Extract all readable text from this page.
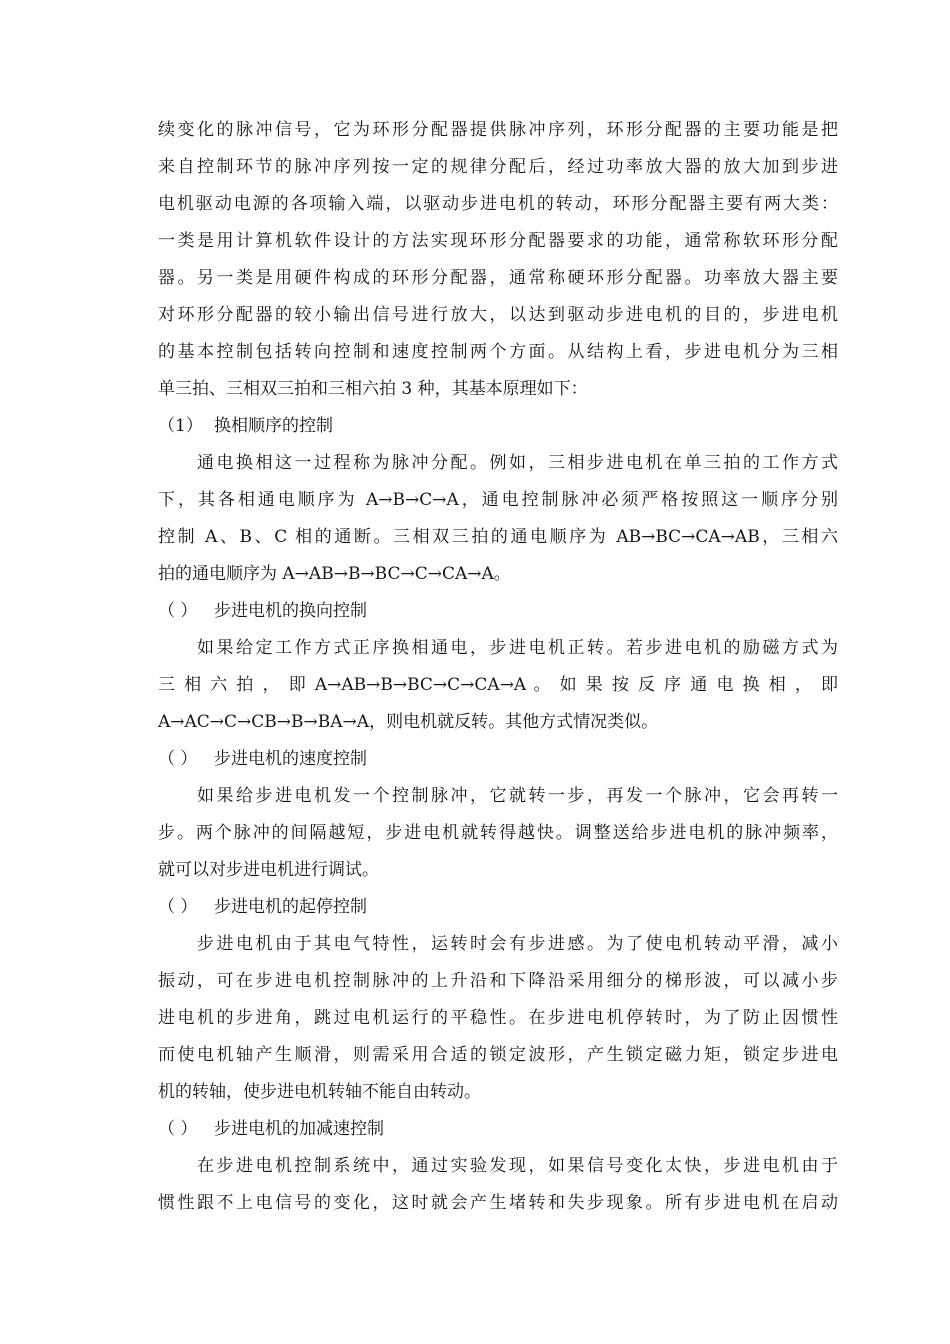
续变化的脉冲信号，它为环形分配器提供脉冲序列，环形分配器的主要功能是把
来自控制环节的脉冲序列按一定的规律分配后，经过功率放大器的放大加到步进
电机驱动电源的各项输入端，以驱动步进电机的转动，环形分配器主要有两大类：
一类是用计算机软件设计的方法实现环形分配器要求的功能，通常称软环形分配
器。另一类是用硬件构成的环形分配器，通常称硬环形分配器。功率放大器主要
对环形分配器的较小输出信号进行放大，以达到驱动步进电机的目的，步进电机
的基本控制包括转向控制和速度控制两个方面。从结构上看，步进电机分为三相
单三拍、三相双三拍和三相六拍 3 种，其基本原理如下：
（1） 换相顺序的控制
通电换相这一过程称为脉冲分配。例如，三相步进电机在单三拍的工作方式
下，其各相通电顺序为 A→B→C→A，通电控制脉冲必须严格按照这一顺序分别
控制 A、B、C 相的通断。三相双三拍的通电顺序为 AB→BC→CA→AB，三相六
拍的通电顺序为 A→AB→B→BC→C→CA→A。
（ ） 步进电机的换向控制
如果给定工作方式正序换相通电，步进电机正转。若步进电机的励磁方式为
三 相 六 拍 ， 即 A→AB→B→BC→C→CA→A 。 如 果 按 反 序 通 电 换 相 ， 即
A→AC→C→CB→B→BA→A，则电机就反转。其他方式情况类似。
（ ） 步进电机的速度控制
如果给步进电机发一个控制脉冲，它就转一步，再发一个脉冲，它会再转一
步。两个脉冲的间隔越短，步进电机就转得越快。调整送给步进电机的脉冲频率，
就可以对步进电机进行调试。
（ ） 步进电机的起停控制
步进电机由于其电气特性，运转时会有步进感。为了使电机转动平滑，减小
振动，可在步进电机控制脉冲的上升沿和下降沿采用细分的梯形波，可以减小步
进电机的步进角，跳过电机运行的平稳性。在步进电机停转时，为了防止因惯性
而使电机轴产生顺滑，则需采用合适的锁定波形，产生锁定磁力矩，锁定步进电
机的转轴，使步进电机转轴不能自由转动。
（ ） 步进电机的加减速控制
在步进电机控制系统中，通过实验发现，如果信号变化太快，步进电机由于
惯性跟不上电信号的变化，这时就会产生堵转和失步现象。所有步进电机在启动
